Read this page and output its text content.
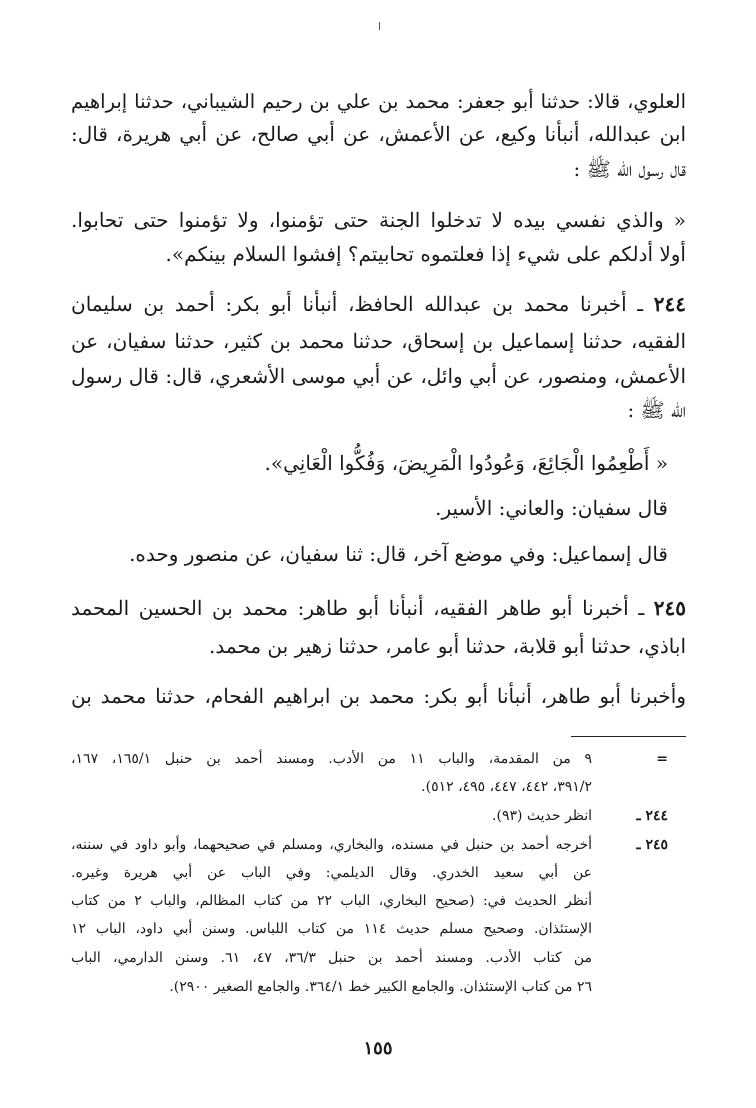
العلوي، قالا: حدثنا أبو جعفر: محمد بن علي بن رحيم الشيباني، حدثنا إبراهيم
ابن عبدالله، أنبأنا وكيع، عن الأعمش، عن أبي صالح، عن أبي هريرة، قال:
قال رسول الله ﷺ :
« والذي نفسي بيده لا تدخلوا الجنة حتى تؤمنوا، ولا تؤمنوا حتى تحابوا.
أولا أدلكم على شيء إذا فعلتموه تحابيتم؟ إفشوا السلام بينكم».
٢٤٤ ـ أخبرنا محمد بن عبدالله الحافظ، أنبأنا أبو بكر: أحمد بن سليمان
الفقيه، حدثنا إسماعيل بن إسحاق، حدثنا محمد بن كثير، حدثنا سفيان، عن
الأعمش، ومنصور، عن أبي وائل، عن أبي موسى الأشعري، قال: قال رسول
الله ﷺ :
« أَطْعِمُوا الْجَائِعَ، وَعُودُوا الْمَرِيضَ، وَفُكُّوا الْعَانِي».
قال سفيان: والعاني: الأسير.
قال إسماعيل: وفي موضع آخر، قال: ثنا سفيان، عن منصور وحده.
٢٤٥ ـ أخبرنا أبو طاهر الفقيه، أنبأنا أبو طاهر: محمد بن الحسين المحمد
اباذي، حدثنا أبو قلابة، حدثنا أبو عامر، حدثنا زهير بن محمد.
وأخبرنا أبو طاهر، أنبأنا أبو بكر: محمد بن ابراهيم الفحام، حدثنا محمد بن
=
٩ من المقدمة، والباب ١١ من الأدب. ومسند أحمد بن حنبل ١٦٥/١، ١٦٧،
٣٩١/٢، ٤٤٢، ٤٤٧، ٤٩٥، ٥١٢).
٢٤٤ ـ
انظر حديث (٩٣).
٢٤٥ ـ
أخرجه أحمد بن حنبل في مسنده، والبخاري، ومسلم في صحيحهما، وأبو داود في سننه،
عن أبي سعيد الخدري. وقال الديلمي: وفي الباب عن أبي هريرة وغيره.
أنظر الحديث في: (صحيح البخاري، الباب ٢٢ من كتاب المظالم، والباب ٢ من كتاب
الإستئذان. وصحيح مسلم حديث ١١٤ من كتاب اللباس. وسنن أبي داود، الباب ١٢
من كتاب الأدب. ومسند أحمد بن حنبل ٣٦/٣، ٤٧، ٦١. وسنن الدارمي، الباب
٢٦ من كتاب الإستئذان. والجامع الكبير خط ٣٦٤/١. والجامع الصغير ٢٩٠٠).
١٥٥
